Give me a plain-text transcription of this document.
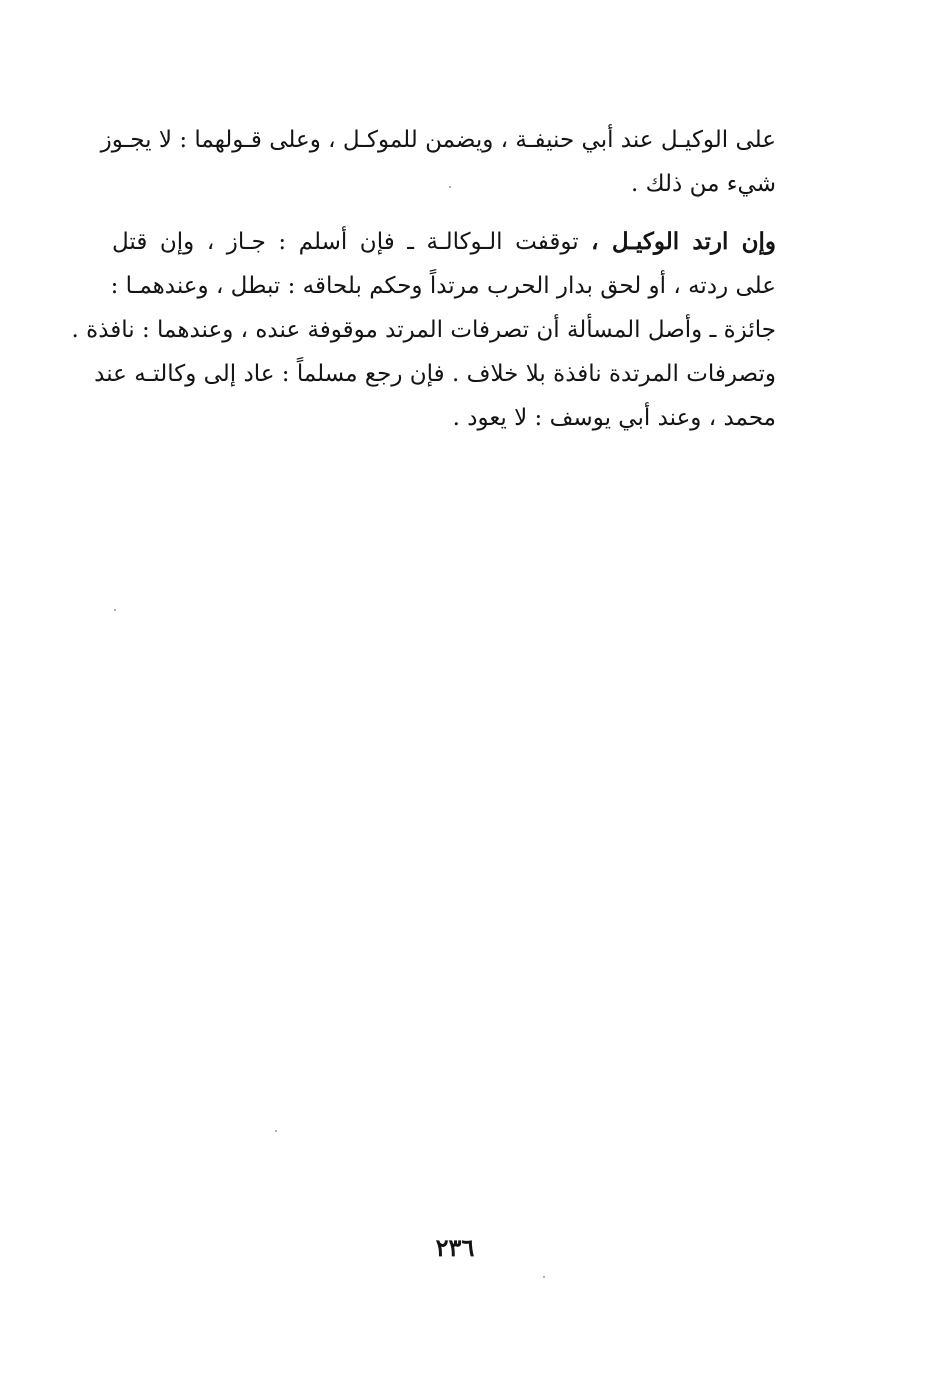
على الوكيـل عند أبي حنيفـة ، ويضمن للموكـل ، وعلى قـولهما : لا يجـوز
شيء من ذلك .
وإن ارتد الوكيـل ، توقفت الـوكالـة ـ فإن أسلم : جـاز ، وإن قتل
على ردته ، أو لحق بدار الحرب مرتداً وحكم بلحاقه : تبطل ، وعندهمـا :
جائزة ـ وأصل المسألة أن تصرفات المرتد موقوفة عنده ، وعندهما : نافذة .
وتصرفات المرتدة نافذة بلا خلاف . فإن رجع مسلماً : عاد إلى وكالتـه عند
محمد ، وعند أبي يوسف : لا يعود .
٢٣٦
